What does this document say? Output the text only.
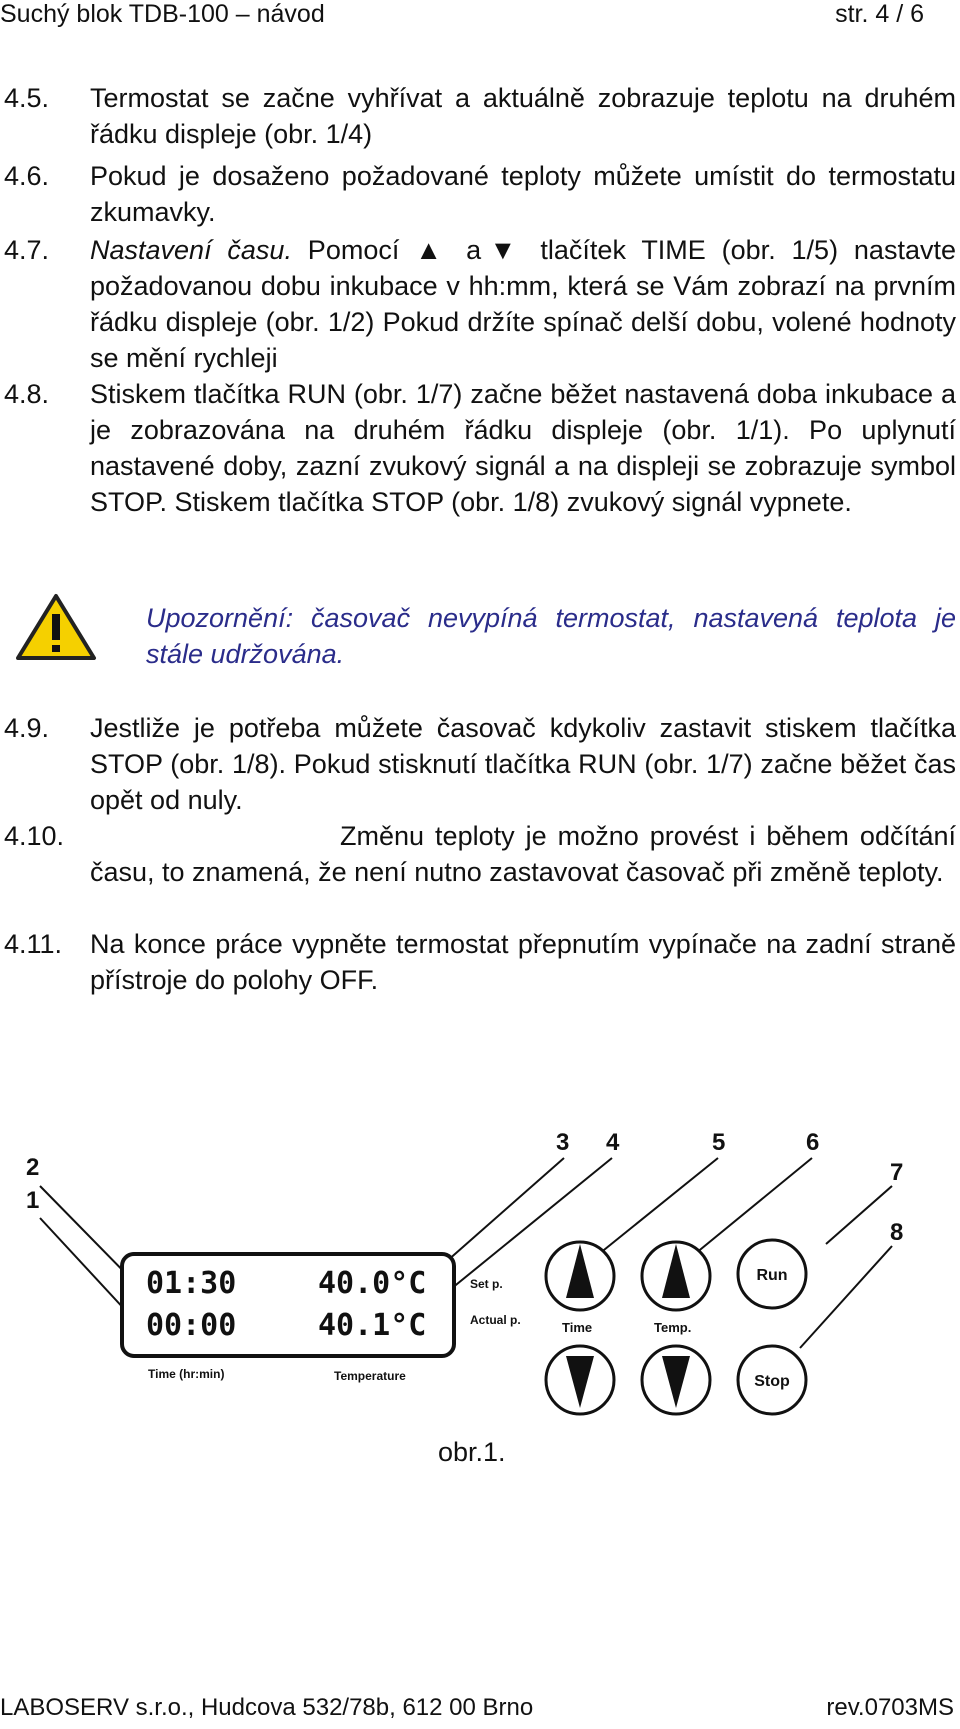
Suchý blok TDB-100 – návod	str. 4 / 6
4.5. Termostat se začne vyhřívat a aktuálně zobrazuje teplotu na druhém řádku displeje (obr. 1/4)
4.6. Pokud je dosaženo požadované teploty můžete umístit do termostatu zkumavky.
4.7. Nastavení času. Pomocí ▲ a▼ tlačítek TIME (obr. 1/5) nastavte požadovanou dobu inkubace v hh:mm, která se Vám zobrazí na prvním řádku displeje (obr. 1/2) Pokud držíte spínač delší dobu, volené hodnoty se mění rychleji
4.8. Stiskem tlačítka RUN (obr. 1/7) začne běžet nastavená doba inkubace a je zobrazována na druhém řádku displeje (obr. 1/1). Po uplynutí nastavené doby, zazní zvukový signál a na displeji se zobrazuje symbol STOP. Stiskem tlačítka STOP (obr. 1/8) zvukový signál vypnete.
Upozornění: časovač nevypíná termostat, nastavená teplota je stále udržována.
4.9. Jestliže je potřeba můžete časovač kdykoliv zastavit stiskem tlačítka STOP (obr. 1/8). Pokud stisknutí tlačítka RUN (obr. 1/7) začne běžet čas opět od nuly.
4.10.	Změnu teploty je možno provést i během odčítání času, to znamená, že není nutno zastavovat časovač při změně teploty.
4.11. Na konce práce vypněte termostat přepnutím vypínače na zadní straně přístroje do polohy OFF.
1
2
3 4	5	6
7
8
01:30	40.0°C
00:00	40.1°C
Set p.
Actual p.
Time (hr:min)	Temperature
Time	Temp.
Run
Stop
obr.1.
LABOSERV s.r.o., Hudcova 532/78b, 612 00 Brno	rev.0703MS
